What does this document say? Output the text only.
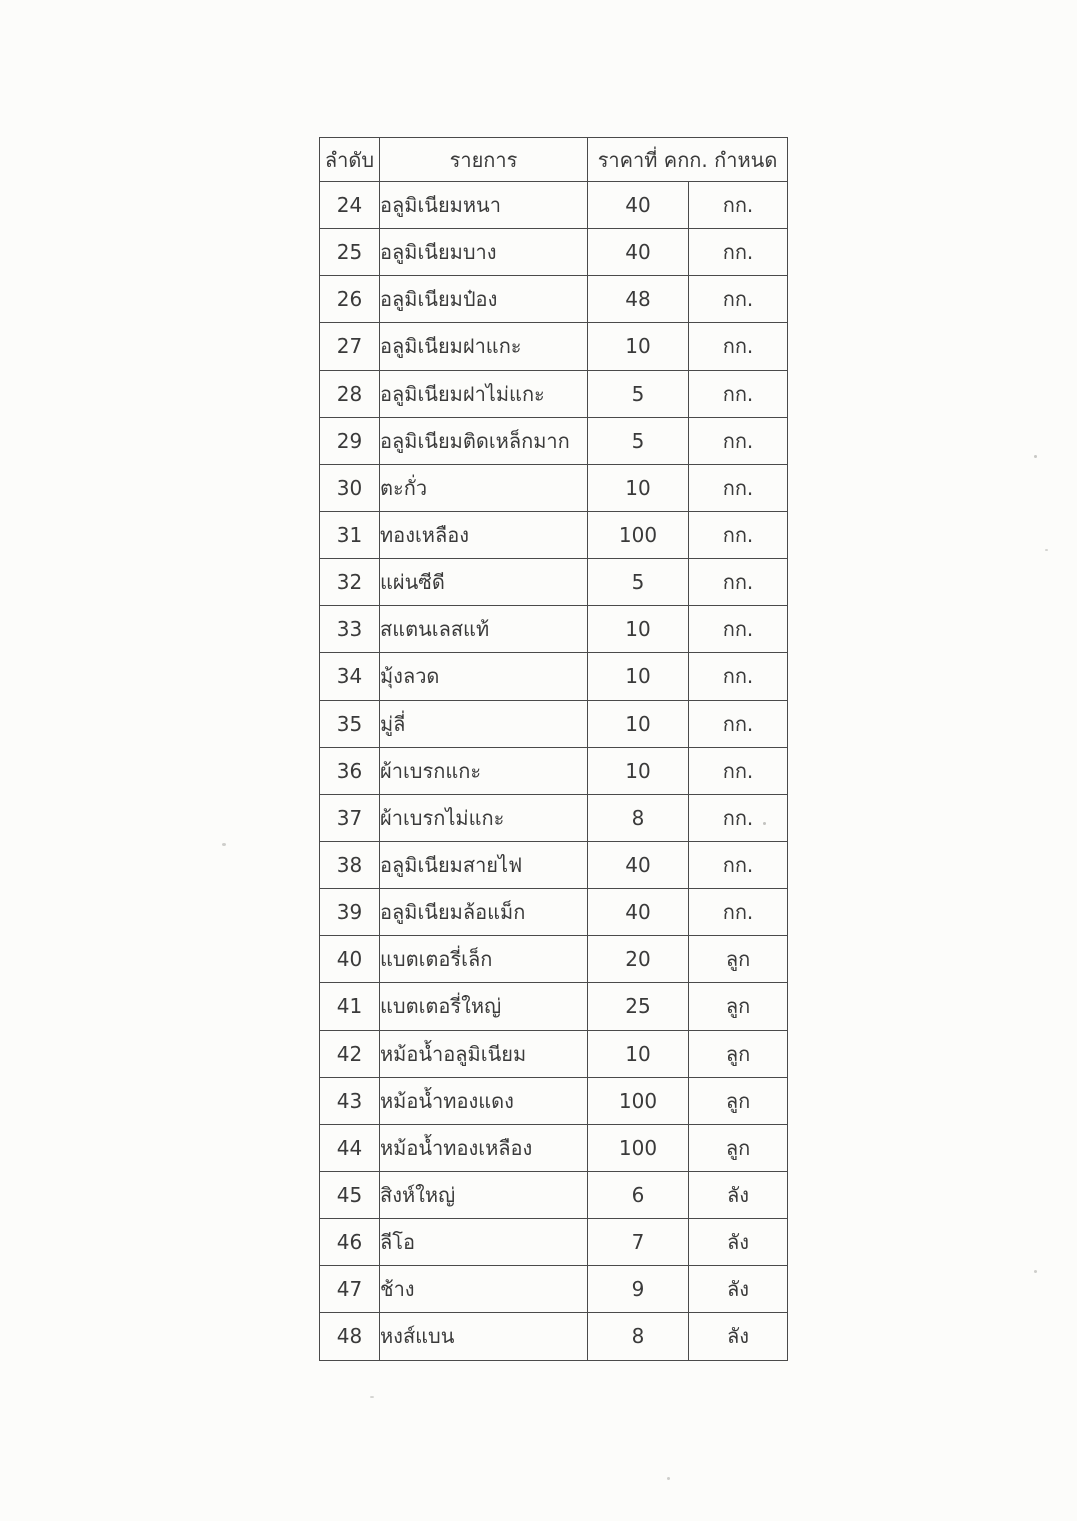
ลำดับ	รายการ	ราคาที่ คกก. กำหนด	
24	อลูมิเนียมหนา	40	กก.
25	อลูมิเนียมบาง	40	กก.
26	อลูมิเนียมป๋อง	48	กก.
27	อลูมิเนียมฝาแกะ	10	กก.
28	อลูมิเนียมฝาไม่แกะ	5	กก.
29	อลูมิเนียมติดเหล็กมาก	5	กก.
30	ตะกั่ว	10	กก.
31	ทองเหลือง	100	กก.
32	แผ่นซีดี	5	กก.
33	สแตนเลสแท้	10	กก.
34	มุ้งลวด	10	กก.
35	มู่ลี่	10	กก.
36	ผ้าเบรกแกะ	10	กก.
37	ผ้าเบรกไม่แกะ	8	กก.
38	อลูมิเนียมสายไฟ	40	กก.
39	อลูมิเนียมล้อแม็ก	40	กก.
40	แบตเตอรี่เล็ก	20	ลูก
41	แบตเตอรี่ใหญ่	25	ลูก
42	หม้อน้ำอลูมิเนียม	10	ลูก
43	หม้อน้ำทองแดง	100	ลูก
44	หม้อน้ำทองเหลือง	100	ลูก
45	สิงห์ใหญ่	6	ลัง
46	ลีโอ	7	ลัง
47	ช้าง	9	ลัง
48	หงส์แบน	8	ลัง
